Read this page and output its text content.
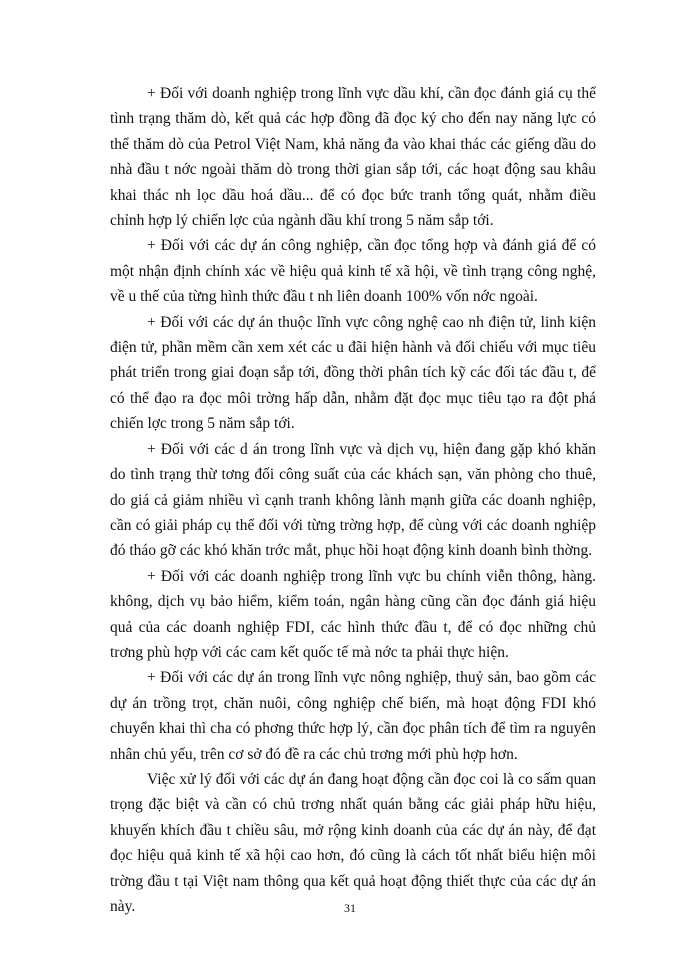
+ Đối với doanh nghiệp trong lĩnh vực dầu khí, cần đọc đánh giá cụ thể tình trạng thăm dò, kết quả các hợp đồng đã đọc ký cho đến nay năng lực có thể thăm dò của Petrol Việt Nam, khả năng đa vào khai thác các giếng dầu do nhà đầu t nớc ngoài thăm dò trong thời gian sắp tới, các hoạt động sau khâu khai thác nh lọc dầu hoá dầu... để có đọc bức tranh tổng quát, nhằm điều chỉnh hợp lý chiến lợc của ngành dầu khí trong 5 năm sắp tới.

+ Đối với các dự án công nghiệp, cần đọc tổng hợp và đánh giá để có một nhận định chính xác về hiệu quả kinh tế xã hội, về tình trạng công nghệ, về u thế của từng hình thức đầu t nh liên doanh 100% vốn nớc ngoài.

+ Đối với các dự án thuộc lĩnh vực công nghệ cao nh điện tử, linh kiện điện tử, phần mềm cần xem xét các u đãi hiện hành và đối chiếu với mục tiêu phát triển trong giai đoạn sắp tới, đồng thời phân tích kỹ các đối tác đầu t, để có thể đạo ra đọc môi trờng hấp dẫn, nhằm đặt đọc mục tiêu tạo ra đột phá chiến lợc trong 5 năm sắp tới.

+ Đối với các d án trong lĩnh vực và dịch vụ, hiện đang gặp khó khăn do tình trạng thừ tơng đối công suất của các khách sạn, văn phòng cho thuê, do giá cả giảm nhiều vì cạnh tranh không lành mạnh giữa các doanh nghiệp, cần có giải pháp cụ thể đối với từng trờng hợp, để cùng với các doanh nghiệp đó tháo gỡ các khó khăn trớc mắt, phục hồi hoạt động kinh doanh bình thờng.

+ Đối với các doanh nghiệp trong lĩnh vực bu chính viễn thông, hàng. không, dịch vụ bảo hiểm, kiểm toán, ngân hàng cũng cần đọc đánh giá hiệu quả của các doanh nghiệp FDI, các hình thức đầu t, để có đọc những chủ trơng phù hợp với các cam kết quốc tế mà nớc ta phải thực hiện.

+ Đối với các dự án trong lĩnh vực nông nghiệp, thuỷ sản, bao gồm các dự án trồng trọt, chăn nuôi, công nghiệp chế biến, mà hoạt động FDI khó chuyển khai thì cha có phơng thức hợp lý, cần đọc phân tích để tìm ra nguyên nhân chủ yếu, trên cơ sở đó đề ra các chủ trơng mới phù hợp hơn.

Việc xử lý đối với các dự án đang hoạt động cần đọc coi là co sấm quan trọng đặc biệt và cần có chủ trơng nhất quán bằng các giải pháp hữu hiệu, khuyến khích đầu t chiều sâu, mở rộng kinh doanh của các dự án này, để đạt đọc hiệu quả kinh tế xã hội cao hơn, đó cũng là cách tốt nhất biểu hiện môi trờng đầu t tại Việt nam thông qua kết quả hoạt động thiết thực của các dự án này.	31
